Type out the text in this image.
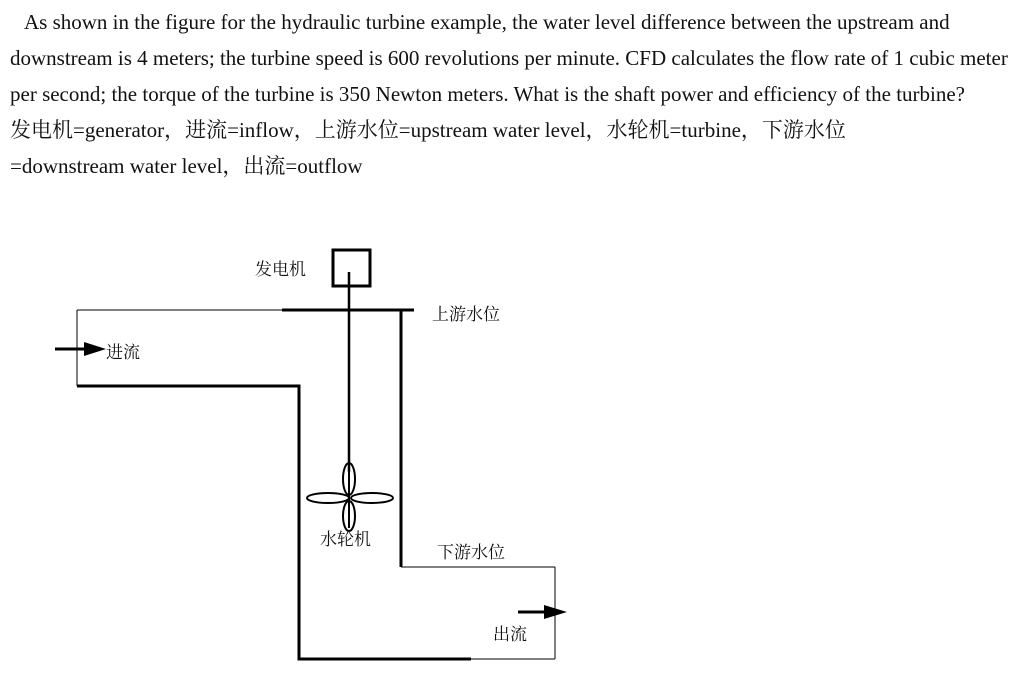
As shown in the figure for the hydraulic turbine example, the water level difference between the upstream and downstream is 4 meters; the turbine speed is 600 revolutions per minute. CFD calculates the flow rate of 1 cubic meter per second; the torque of the turbine is 350 Newton meters. What is the shaft power and efficiency of the turbine?

发电机=generator，进流=inflow，上游水位=upstream water level，水轮机=turbine，下游水位

=downstream water level，出流=outflow

发电机
进流
上游水位
水轮机
下游水位
出流
